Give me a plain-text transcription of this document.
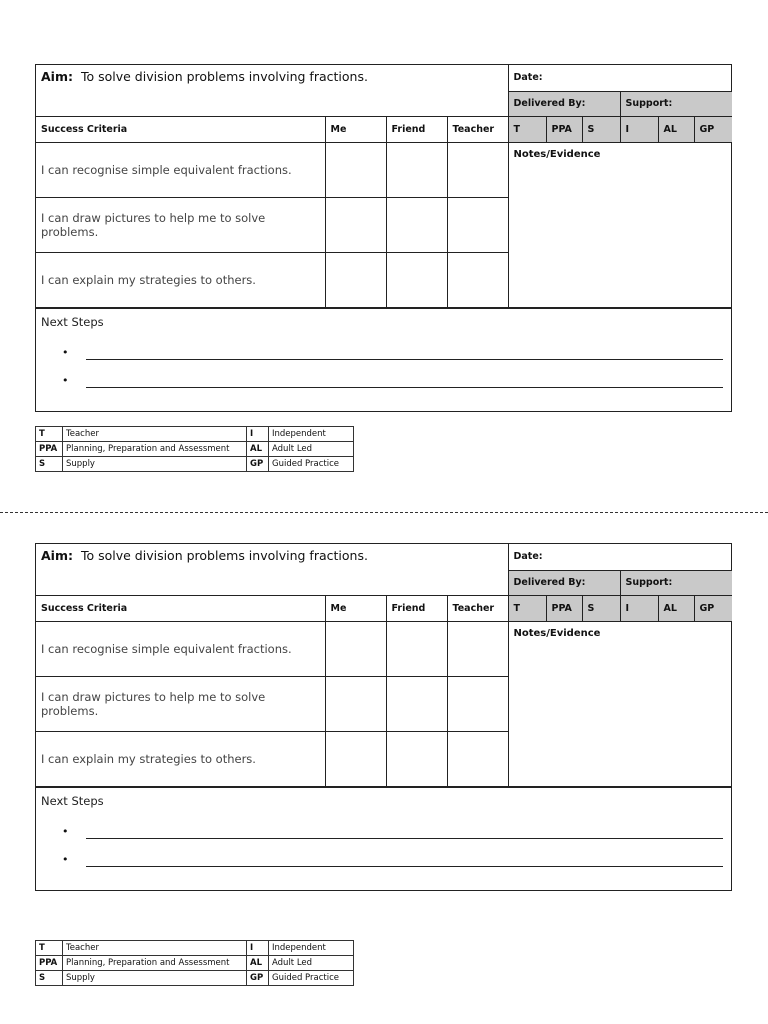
Aim: To solve division problems involving fractions.				Date:					
				Delivered By:			Support:		
Success Criteria	Me	Friend	Teacher	T	PPA	S	I	AL	GP
I can recognise simple equivalent fractions.				Notes/Evidence					
I can draw pictures to help me to solve problems.									
I can explain my strategies to others.									
Next Steps
•
•
T	Teacher	I	Independent
PPA	Planning, Preparation and Assessment	AL	Adult Led
S	Supply	GP	Guided Practice
Aim: To solve division problems involving fractions.				Date:					
				Delivered By:			Support:		
Success Criteria	Me	Friend	Teacher	T	PPA	S	I	AL	GP
I can recognise simple equivalent fractions.				Notes/Evidence					
I can draw pictures to help me to solve problems.									
I can explain my strategies to others.									
Next Steps
•
•
T	Teacher	I	Independent
PPA	Planning, Preparation and Assessment	AL	Adult Led
S	Supply	GP	Guided Practice
